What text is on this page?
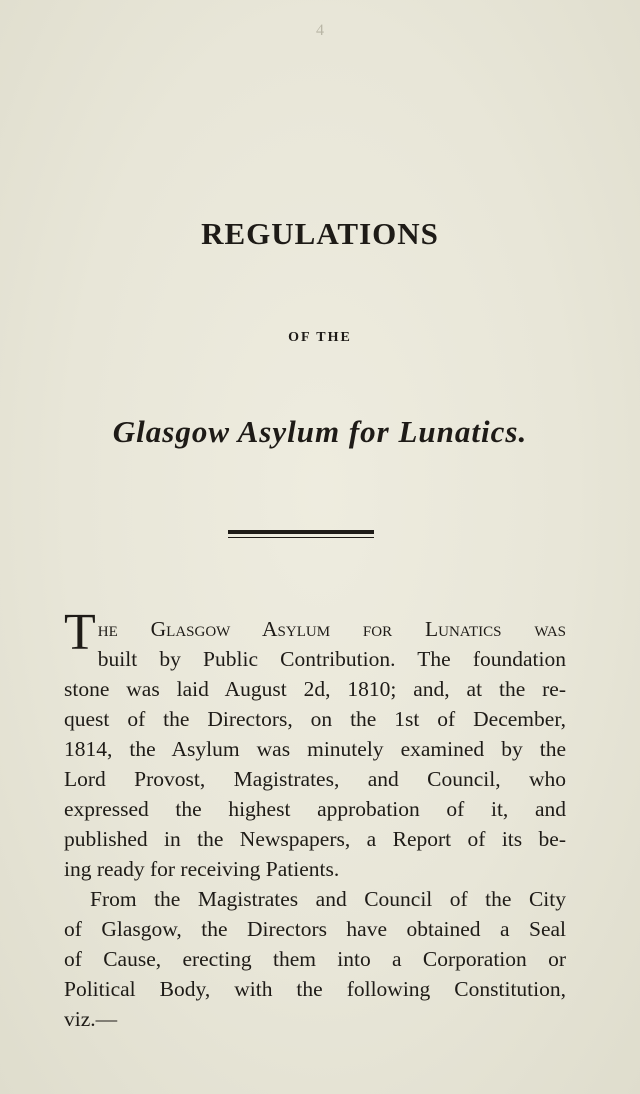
4
REGULATIONS
OF THE
Glasgow Asylum for Lunatics.
The Glasgow Asylum for Lunatics was
built by Public Contribution. The foundation
stone was laid August 2d, 1810; and, at the re-
quest of the Directors, on the 1st of December,
1814, the Asylum was minutely examined by the
Lord Provost, Magistrates, and Council, who
expressed the highest approbation of it, and
published in the Newspapers, a Report of its be-
ing ready for receiving Patients.
From the Magistrates and Council of the City
of Glasgow, the Directors have obtained a Seal
of Cause, erecting them into a Corporation or
Political Body, with the following Constitution,
viz.—
